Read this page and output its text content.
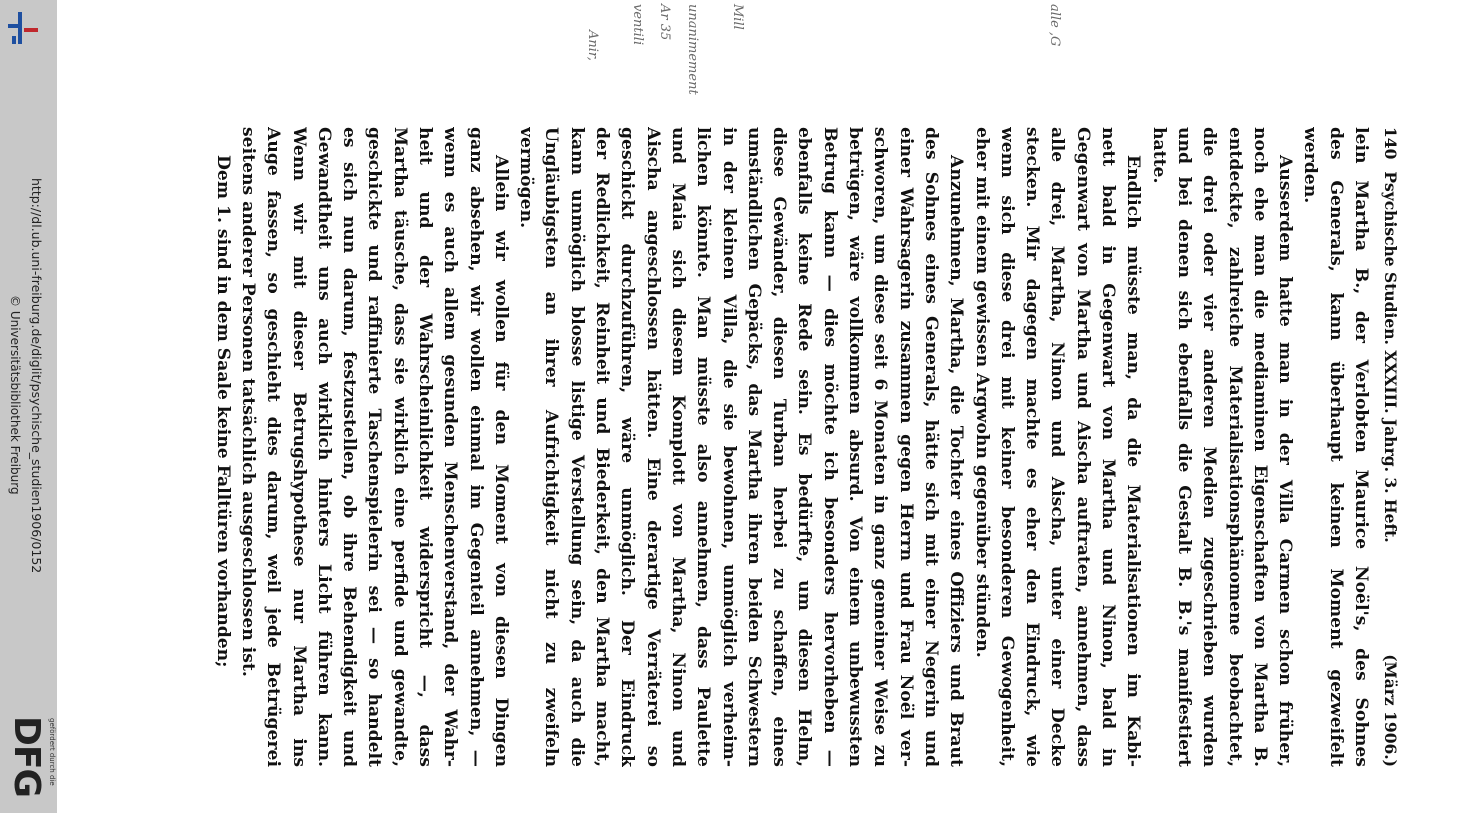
http://dl.ub.uni-freiburg.de/diglit/psychische_studien1906/0152
© Universitätsbibliothek Freiburg
gefördert durch die
DFG
alle ,G
Mill
unanimement
Ar 35
ventili
Anir,
140
Psychische Studien. XXXIII. Jahrg. 3. Heft.
(März 1906.)
lein Martha B., der Verlobten Maurice Noël's, des Sohnes
des Generals, kann überhaupt keinen Moment gezweifelt
werden.
Ausserdem hatte man in der Villa Carmen schon früher,
noch ehe man die mediaminen Eigenschaften von Martha B.
entdeckte, zahlreiche Materialisationsphänomene beobachtet,
die drei oder vier anderen Medien zugeschrieben wurden
und bei denen sich ebenfalls die Gestalt B. B.'s manifestiert
hatte.
Endlich müsste man, da die Materialisationen im Kabi-
nett bald in Gegenwart von Martha und Ninon, bald in
Gegenwart von Martha und Aischa auftraten, annehmen, dass
alle drei, Martha, Ninon und Aischa, unter einer Decke
stecken. Mir dagegen machte es eher den Eindruck, wie
wenn sich diese drei mit keiner besonderen Gewogenheit,
eher mit einem gewissen Argwohn gegenüber stünden.
Anzunehmen, Martha, die Tochter eines Offiziers und Braut
des Sohnes eines Generals, hätte sich mit einer Negerin und
einer Wahrsagerin zusammen gegen Herrn und Frau Noël ver-
schworen, um diese seit 6 Monaten in ganz gemeiner Weise zu
betrügen, wäre vollkommen absurd. Von einem unbewussten
Betrug kann — dies möchte ich besonders hervorheben —
ebenfalls keine Rede sein. Es bedürfte, um diesen Helm,
diese Gewänder, diesen Turban herbei zu schaffen, eines
umständlichen Gepäcks, das Martha ihren beiden Schwestern
in der kleinen Villa, die sie bewohnen, unmöglich verheim-
lichen könnte. Man müsste also annehmen, dass Paulette
und Maia sich diesem Komplott von Martha, Ninon und
Aischa angeschlossen hätten. Eine derartige Verräterei so
geschickt durchzuführen, wäre unmöglich. Der Eindruck
der Redlichkeit, Reinheit und Biederkeit, den Martha macht,
kann unmöglich blosse listige Verstellung sein, da auch die
Ungläubigsten an ihrer Aufrichtigkeit nicht zu zweifeln
vermögen.
Allein wir wollen für den Moment von diesen Dingen
ganz absehen, wir wollen einmal im Gegenteil annehmen, —
wenn es auch allem gesunden Menschenverstand, der Wahr-
heit und der Wahrscheinlichkeit widerspricht —, dass
Martha täusche, dass sie wirklich eine perfide und gewandte,
geschickte und raffinierte Taschenspielerin sei — so handelt
es sich nun darum, festzustellen, ob ihre Behendigkeit und
Gewandtheit uns auch wirklich hinters Licht führen kann.
Wenn wir mit dieser Betrugshypothese nur Martha ins
Auge fassen, so geschieht dies darum, weil jede Betrügerei
seitens anderer Personen tatsächlich ausgeschlossen ist.
Dem 1. sind in dem Saale keine Falltüren vorhanden;
